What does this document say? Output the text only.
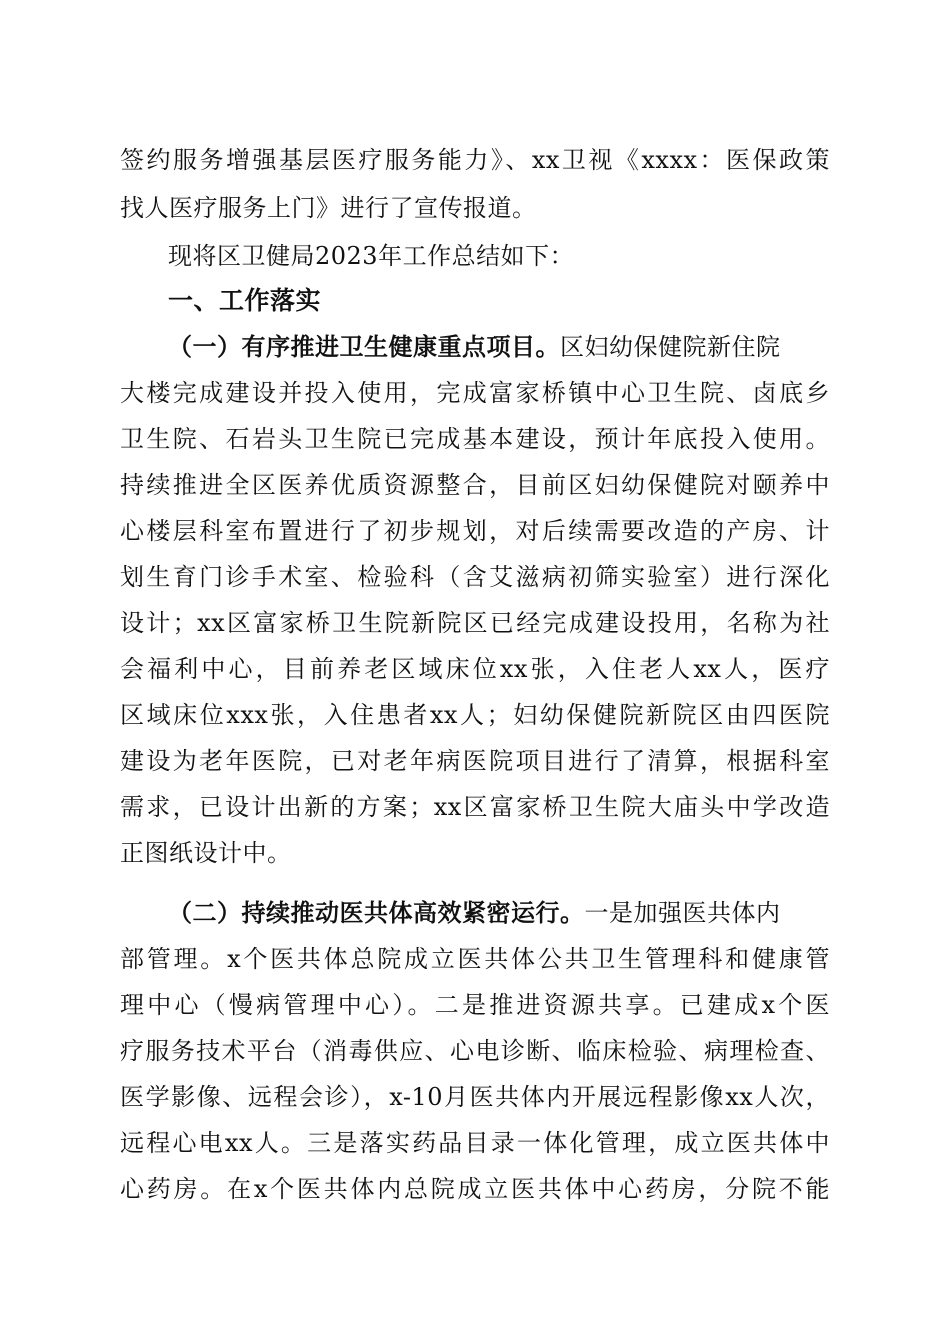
签约服务增强基层医疗服务能力》、xx卫视《xxxx：医保政策
找人医疗服务上门》进行了宣传报道。
现将区卫健局2023年工作总结如下：
一、工作落实
（一）有序推进卫生健康重点项目。区妇幼保健院新住院
大楼完成建设并投入使用，完成富家桥镇中心卫生院、卤底乡
卫生院、石岩头卫生院已完成基本建设，预计年底投入使用。
持续推进全区医养优质资源整合，目前区妇幼保健院对颐养中
心楼层科室布置进行了初步规划，对后续需要改造的产房、计
划生育门诊手术室、检验科（含艾滋病初筛实验室）进行深化
设计；xx区富家桥卫生院新院区已经完成建设投用，名称为社
会福利中心，目前养老区域床位xx张，入住老人xx人，医疗
区域床位xxx张，入住患者xx人；妇幼保健院新院区由四医院
建设为老年医院，已对老年病医院项目进行了清算，根据科室
需求，已设计出新的方案；xx区富家桥卫生院大庙头中学改造
正图纸设计中。
（二）持续推动医共体高效紧密运行。一是加强医共体内
部管理。x个医共体总院成立医共体公共卫生管理科和健康管
理中心（慢病管理中心）。二是推进资源共享。已建成x个医
疗服务技术平台（消毒供应、心电诊断、临床检验、病理检查、
医学影像、远程会诊），x-10月医共体内开展远程影像xx人次，
远程心电xx人。三是落实药品目录一体化管理，成立医共体中
心药房。在x个医共体内总院成立医共体中心药房，分院不能
